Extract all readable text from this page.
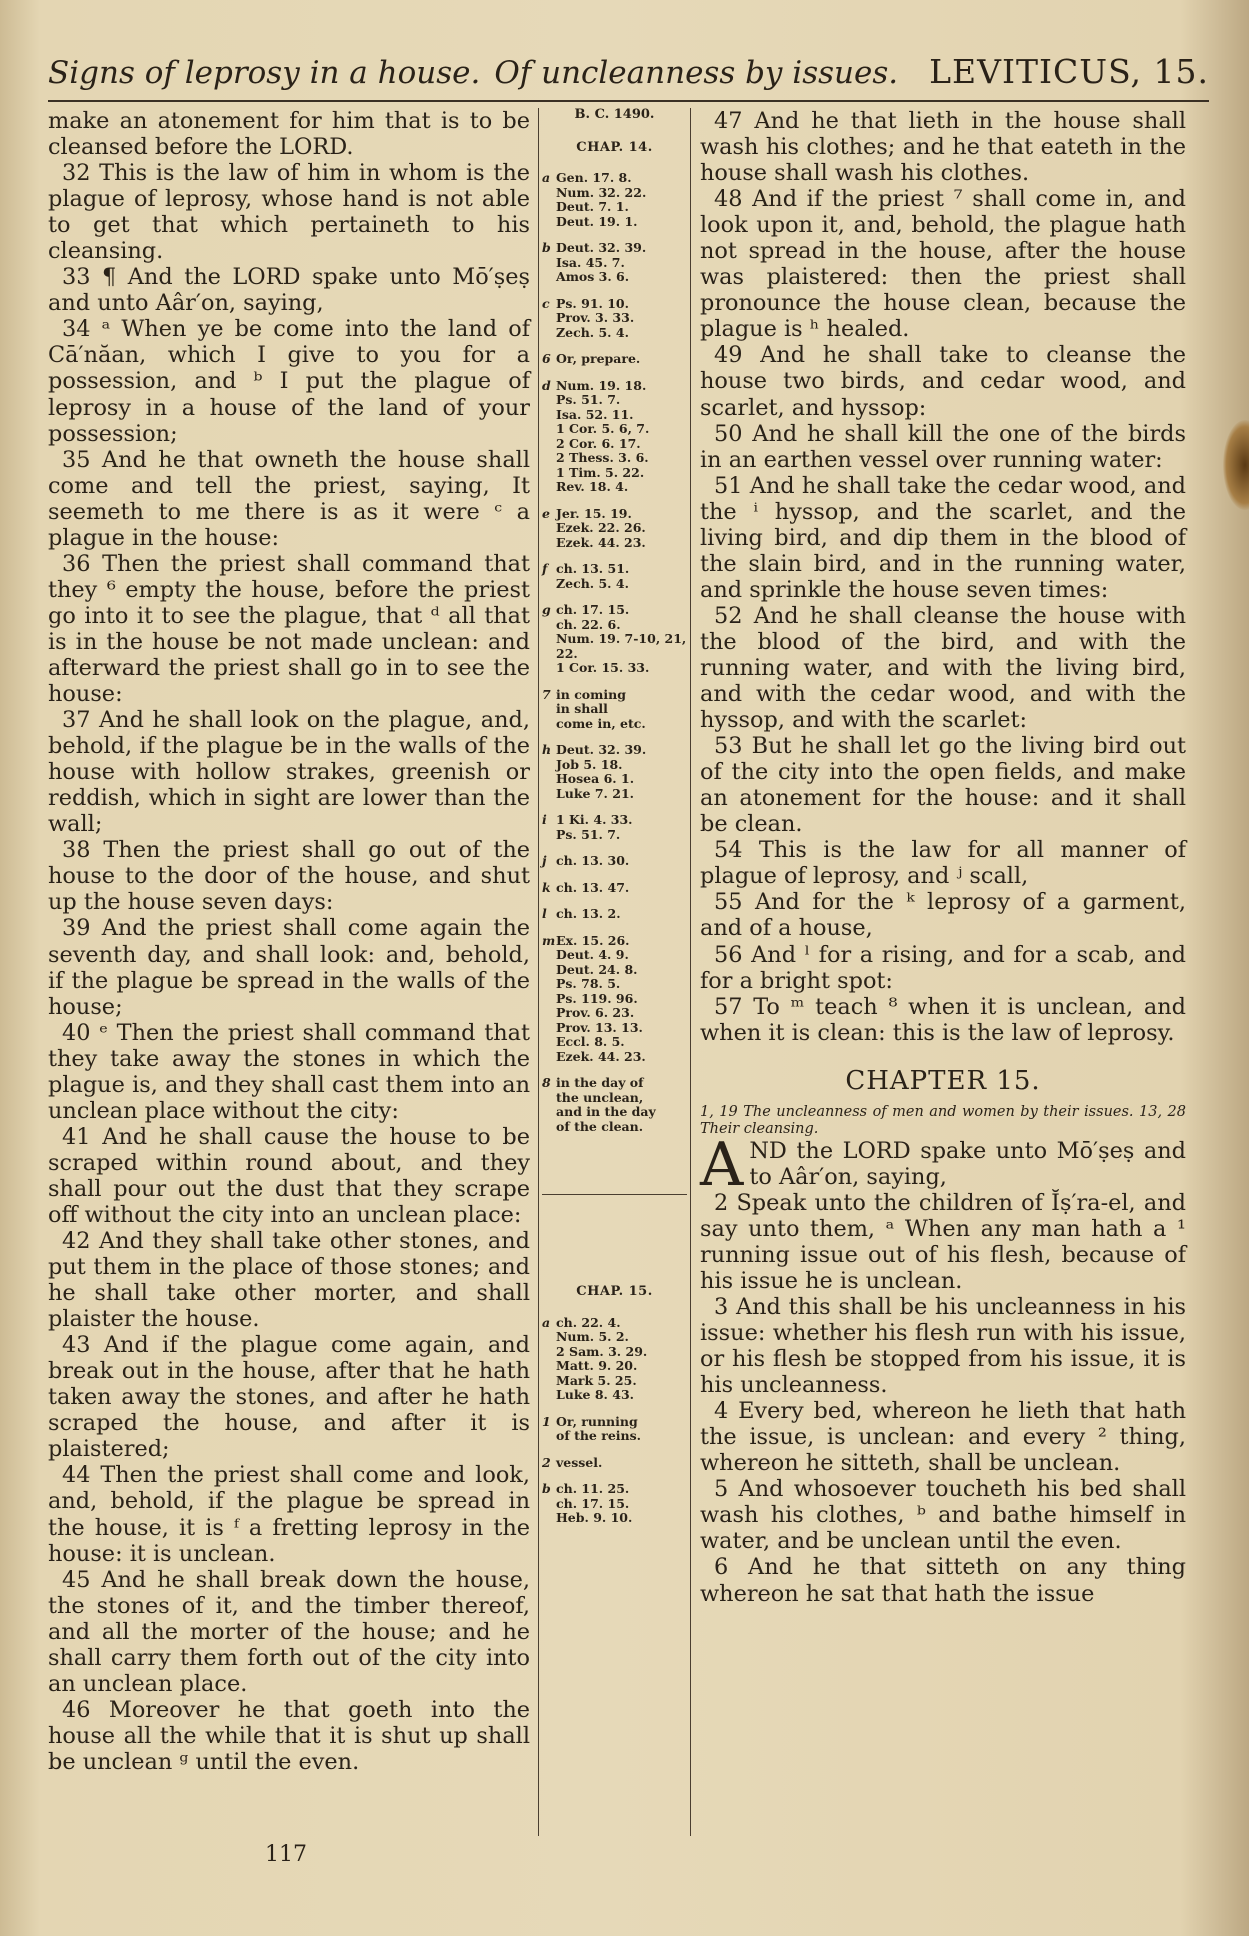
Signs of leprosy in a house. Of uncleanness by issues. LEVITICUS, 15.

make an atonement for him that is to be cleansed before the LORD.

32 This is the law of him in whom is the plague of leprosy, whose hand is not able to get that which pertaineth to his cleansing.

33 ¶ And the LORD spake unto Mō′ṣeṣ and unto Aâr′on, saying,

34 ᵃ When ye be come into the land of Cā′năan, which I give to you for a possession, and ᵇ I put the plague of leprosy in a house of the land of your possession;

35 And he that owneth the house shall come and tell the priest, saying, It seemeth to me there is as it were ᶜ a plague in the house:

36 Then the priest shall command that they ⁶ empty the house, before the priest go into it to see the plague, that ᵈ all that is in the house be not made unclean: and afterward the priest shall go in to see the house:

37 And he shall look on the plague, and, behold, if the plague be in the walls of the house with hollow strakes, greenish or reddish, which in sight are lower than the wall;

38 Then the priest shall go out of the house to the door of the house, and shut up the house seven days:

39 And the priest shall come again the seventh day, and shall look: and, behold, if the plague be spread in the walls of the house;

40 ᵉ Then the priest shall command that they take away the stones in which the plague is, and they shall cast them into an unclean place without the city:

41 And he shall cause the house to be scraped within round about, and they shall pour out the dust that they scrape off without the city into an unclean place:

42 And they shall take other stones, and put them in the place of those stones; and he shall take other morter, and shall plaister the house.

43 And if the plague come again, and break out in the house, after that he hath taken away the stones, and after he hath scraped the house, and after it is plaistered;

44 Then the priest shall come and look, and, behold, if the plague be spread in the house, it is ᶠ a fretting leprosy in the house: it is unclean.

45 And he shall break down the house, the stones of it, and the timber thereof, and all the morter of the house; and he shall carry them forth out of the city into an unclean place.

46 Moreover he that goeth into the house all the while that it is shut up shall be unclean ᵍ until the even.

B. C. 1490.
CHAP. 14.
a Gen. 17. 8.
Num. 32. 22.
Deut. 7. 1.
Deut. 19. 1.
b Deut. 32. 39.
Isa. 45. 7.
Amos 3. 6.
c Ps. 91. 10.
Prov. 3. 33.
Zech. 5. 4.
6 Or, prepare.
d Num. 19. 18.
Ps. 51. 7.
Isa. 52. 11.
1 Cor. 5. 6, 7.
2 Cor. 6. 17.
2 Thess. 3. 6.
1 Tim. 5. 22.
Rev. 18. 4.
e Jer. 15. 19.
Ezek. 22. 26.
Ezek. 44. 23.
f ch. 13. 51.
Zech. 5. 4.
g ch. 17. 15.
ch. 22. 6.
Num. 19. 7-10, 21, 22.
1 Cor. 15. 33.
7 in coming
in shall
come in, etc.
h Deut. 32. 39.
Job 5. 18.
Hosea 6. 1.
Luke 7. 21.
i 1 Ki. 4. 33.
Ps. 51. 7.
j ch. 13. 30.
k ch. 13. 47.
l ch. 13. 2.
m Ex. 15. 26.
Deut. 4. 9.
Deut. 24. 8.
Ps. 78. 5.
Ps. 119. 96.
Prov. 6. 23.
Prov. 13. 13.
Eccl. 8. 5.
Ezek. 44. 23.
8 in the day of
the unclean,
and in the day
of the clean.
CHAP. 15.
a ch. 22. 4.
Num. 5. 2.
2 Sam. 3. 29.
Matt. 9. 20.
Mark 5. 25.
Luke 8. 43.
1 Or, running
of the reins.
2 vessel.
b ch. 11. 25.
ch. 17. 15.
Heb. 9. 10.

47 And he that lieth in the house shall wash his clothes; and he that eateth in the house shall wash his clothes.

48 And if the priest ⁷ shall come in, and look upon it, and, behold, the plague hath not spread in the house, after the house was plaistered: then the priest shall pronounce the house clean, because the plague is ʰ healed.

49 And he shall take to cleanse the house two birds, and cedar wood, and scarlet, and hyssop:

50 And he shall kill the one of the birds in an earthen vessel over running water:

51 And he shall take the cedar wood, and the ⁱ hyssop, and the scarlet, and the living bird, and dip them in the blood of the slain bird, and in the running water, and sprinkle the house seven times:

52 And he shall cleanse the house with the blood of the bird, and with the running water, and with the living bird, and with the cedar wood, and with the hyssop, and with the scarlet:

53 But he shall let go the living bird out of the city into the open fields, and make an atonement for the house: and it shall be clean.

54 This is the law for all manner of plague of leprosy, and ʲ scall,

55 And for the ᵏ leprosy of a garment, and of a house,

56 And ˡ for a rising, and for a scab, and for a bright spot:

57 To ᵐ teach ⁸ when it is unclean, and when it is clean: this is the law of leprosy.

CHAPTER 15.

1, 19 The uncleanness of men and women by their issues. 13, 28 Their cleansing.

AND the LORD spake unto Mō′ṣeṣ and to Aâr′on, saying,

2 Speak unto the children of Ĭṣ′ra-el, and say unto them, ᵃ When any man hath a ¹ running issue out of his flesh, because of his issue he is unclean.

3 And this shall be his uncleanness in his issue: whether his flesh run with his issue, or his flesh be stopped from his issue, it is his uncleanness.

4 Every bed, whereon he lieth that hath the issue, is unclean: and every ² thing, whereon he sitteth, shall be unclean.

5 And whosoever toucheth his bed shall wash his clothes, ᵇ and bathe himself in water, and be unclean until the even.

6 And he that sitteth on any thing whereon he sat that hath the issue

117
